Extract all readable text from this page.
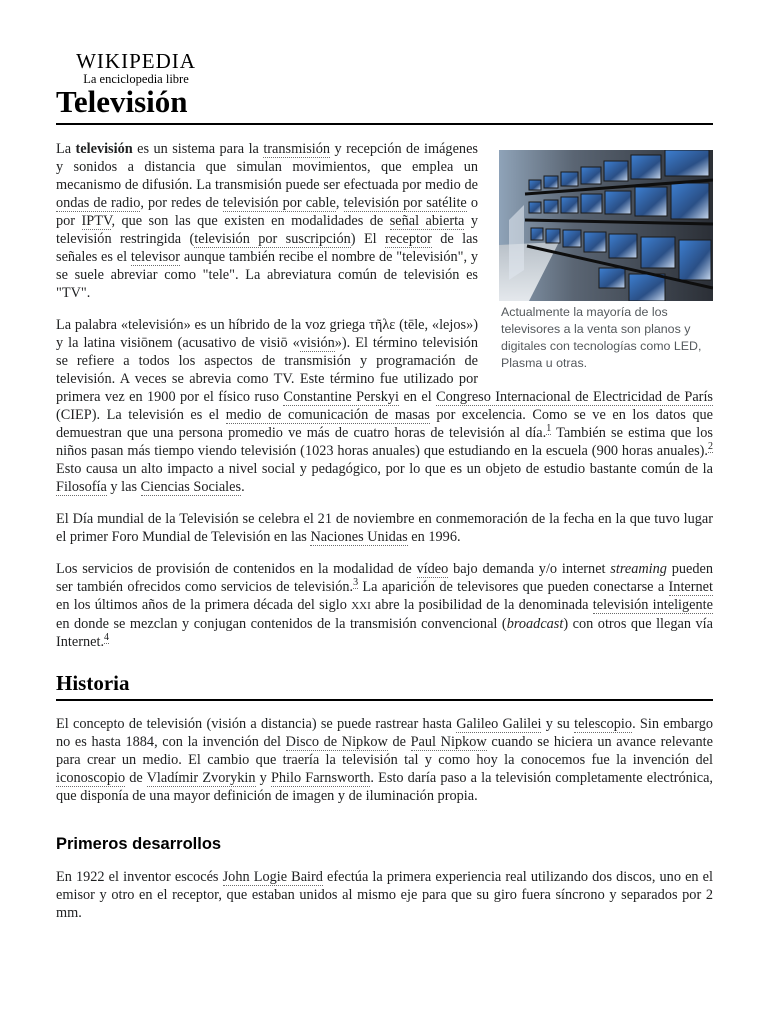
WIKIPEDIA
La enciclopedia libre
Televisión
Actualmente la mayoría de los televisores a la venta son planos y digitales con tecnologías como LED, Plasma u otras.

La televisión es un sistema para la transmisión y recepción de imágenes y sonidos a distancia que simulan movimientos, que emplea un mecanismo de difusión. La transmisión puede ser efectuada por medio de ondas de radio, por redes de televisión por cable, televisión por satélite o por IPTV, que son las que existen en modalidades de señal abierta y televisión restringida (televisión por suscripción) El receptor de las señales es el televisor aunque también recibe el nombre de "televisión", y se suele abreviar como "tele". La abreviatura común de televisión es "TV".

La palabra «televisión» es un híbrido de la voz griega τῆλε (tēle, «lejos») y la latina visiōnem (acusativo de visiō «visión»). El término televisión se refiere a todos los aspectos de transmisión y programación de televisión. A veces se abrevia como TV. Este término fue utilizado por primera vez en 1900 por el físico ruso Constantine Perskyi en el Congreso Internacional de Electricidad de París (CIEP). La televisión es el medio de comunicación de masas por excelencia. Como se ve en los datos que demuestran que una persona promedio ve más de cuatro horas de televisión al día.$^1$ También se estima que los niños pasan más tiempo viendo televisión (1023 horas anuales) que estudiando en la escuela (900 horas anuales).$^2$ Esto causa un alto impacto a nivel social y pedagógico, por lo que es un objeto de estudio bastante común de la Filosofía y las Ciencias Sociales.

El Día mundial de la Televisión se celebra el 21 de noviembre en conmemoración de la fecha en la que tuvo lugar el primer Foro Mundial de Televisión en las Naciones Unidas en 1996.

Los servicios de provisión de contenidos en la modalidad de vídeo bajo demanda y/o internet streaming pueden ser también ofrecidos como servicios de televisión.$^3$ La aparición de televisores que pueden conectarse a Internet en los últimos años de la primera década del siglo XXI abre la posibilidad de la denominada televisión inteligente en donde se mezclan y conjugan contenidos de la transmisión convencional (broadcast) con otros que llegan vía Internet.$^4$

Historia

El concepto de televisión (visión a distancia) se puede rastrear hasta Galileo Galilei y su telescopio. Sin embargo no es hasta 1884, con la invención del Disco de Nipkow de Paul Nipkow cuando se hiciera un avance relevante para crear un medio. El cambio que traería la televisión tal y como hoy la conocemos fue la invención del iconoscopio de Vladímir Zvorykin y Philo Farnsworth. Esto daría paso a la televisión completamente electrónica, que disponía de una mayor definición de imagen y de iluminación propia.

Primeros desarrollos

En 1922 el inventor escocés John Logie Baird efectúa la primera experiencia real utilizando dos discos, uno en el emisor y otro en el receptor, que estaban unidos al mismo eje para que su giro fuera síncrono y separados por 2 mm.
